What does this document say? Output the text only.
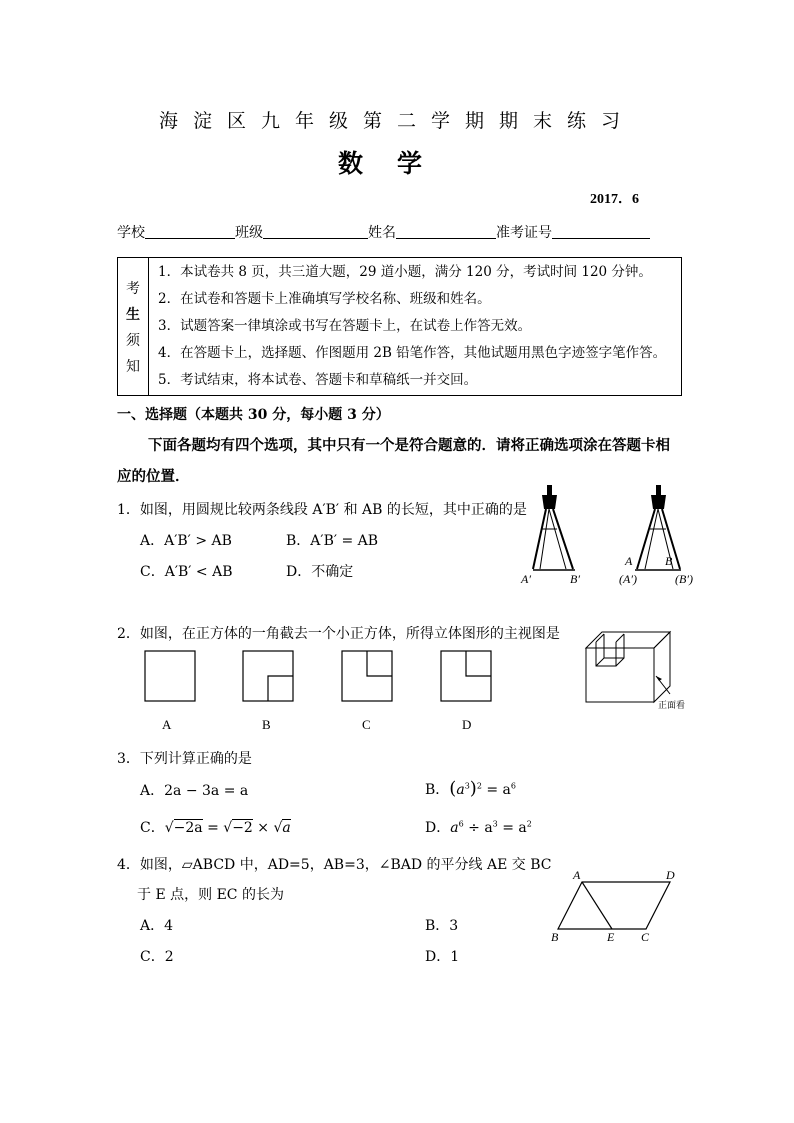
海淀区九年级第二学期期末练习
数学
2017．6
学校	班级	姓名	准考证号
考
生
须
知
1．本试卷共 8 页，共三道大题，29 道小题，满分 120 分，考试时间 120 分钟。
2．在试卷和答题卡上准确填写学校名称、班级和姓名。
3．试题答案一律填涂或书写在答题卡上，在试卷上作答无效。
4．在答题卡上，选择题、作图题用 2B 铅笔作答，其他试题用黑色字迹签字笔作答。
5．考试结束，将本试卷、答题卡和草稿纸一并交回。
一、选择题（本题共 30 分，每小题 3 分）
下面各题均有四个选项，其中只有一个是符合题意的．请将正确选项涂在答题卡相
应的位置．
1．如图，用圆规比较两条线段 A′B′ 和 AB 的长短，其中正确的是
A．A′B′ > AB	B．A′B′ = AB
C．A′B′ < AB	D．不确定	A′	B′
A	B
(A′)	(B′)
2．如图，在正方体的一角截去一个小正方体，所得立体图形的主视图是
A	B	C	D
正面看
3．下列计算正确的是
A．2a − 3a = a	B．$(a^3)^2 = a^6$
C．√−2a = √−2 × √a	D．$a^6 \div a^3 = a^2$
4．如图，▱ABCD 中，AD=5，AB=3，∠BAD 的平分线 AE 交 BC
于 E 点，则 EC 的长为
A．4	B．3
C．2	D．1
A	D
B	E C
